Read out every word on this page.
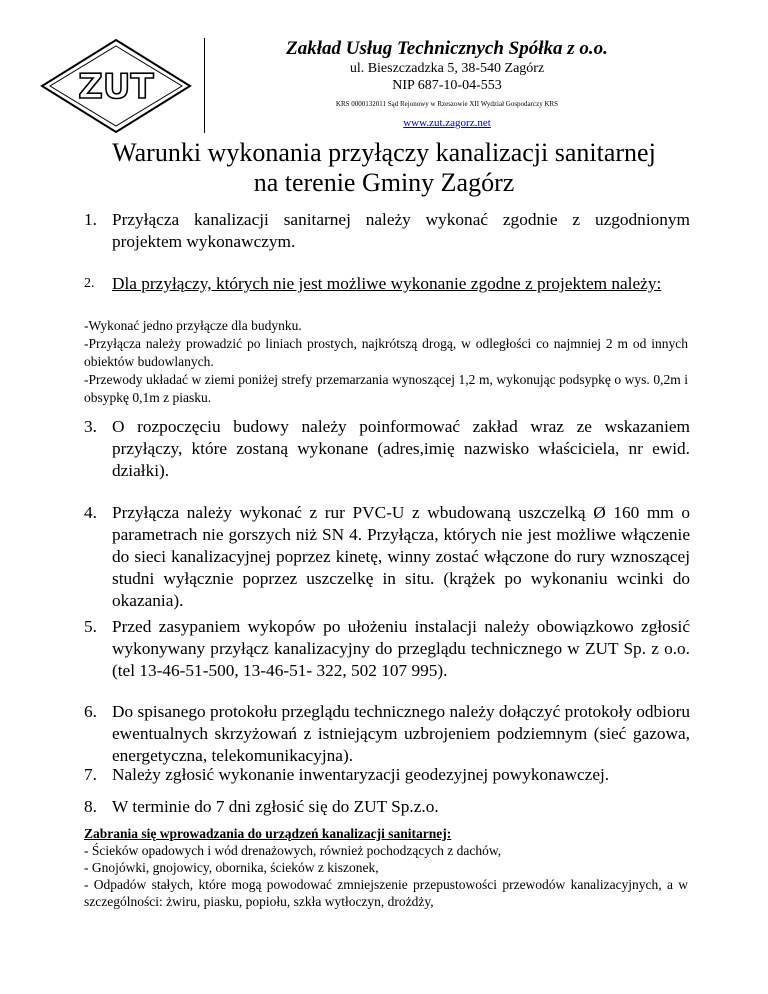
ZUT
Zakład Usług Technicznych Spółka z o.o.
ul. Bieszczadzka 5, 38-540 Zagórz
NIP 687-10-04-553
KRS 0000132011 Sąd Rejonowy w Rzeszowie XII Wydział Gospodarczy KRS
www.zut.zagorz.net
Warunki wykonania przyłączy kanalizacji sanitarnej
na terenie Gminy Zagórz
1. Przyłącza kanalizacji sanitarnej należy wykonać zgodnie z uzgodnionym projektem wykonawczym.
2. Dla przyłączy, których nie jest możliwe wykonanie zgodne z projektem należy:

-Wykonać jedno przyłącze dla budynku.

-Przyłącza należy prowadzić po liniach prostych, najkrótszą drogą, w odległości co najmniej 2 m od innych obiektów budowlanych.

-Przewody układać w ziemi poniżej strefy przemarzania wynoszącej 1,2 m, wykonując podsypkę o wys. 0,2m i obsypkę 0,1m z piasku.

3. O rozpoczęciu budowy należy poinformować zakład wraz ze wskazaniem przyłączy, które zostaną wykonane (adres,imię nazwisko właściciela, nr ewid. działki).
4. Przyłącza należy wykonać z rur PVC-U z wbudowaną uszczelką Ø 160 mm o parametrach nie gorszych niż SN 4. Przyłącza, których nie jest możliwe włączenie do sieci kanalizacyjnej poprzez kinetę, winny zostać włączone do rury wznoszącej studni wyłącznie poprzez uszczelkę in situ. (krążek po wykonaniu wcinki do okazania).
5. Przed zasypaniem wykopów po ułożeniu instalacji należy obowiązkowo zgłosić wykonywany przyłącz kanalizacyjny do przeglądu technicznego w ZUT Sp. z o.o. (tel 13-46-51-500, 13-46-51- 322, 502 107 995).
6. Do spisanego protokołu przeglądu technicznego należy dołączyć protokoły odbioru ewentualnych skrzyżowań z istniejącym uzbrojeniem podziemnym (sieć gazowa, energetyczna, telekomunikacyjna).
7. Należy zgłosić wykonanie inwentaryzacji geodezyjnej powykonawczej.
8. W terminie do 7 dni zgłosić się do ZUT Sp.z.o.

Zabrania się wprowadzania do urządzeń kanalizacji sanitarnej:

- Ścieków opadowych i wód drenażowych, również pochodzących z dachów,

- Gnojówki, gnojowicy, obornika, ścieków z kiszonek,

- Odpadów stałych, które mogą powodować zmniejszenie przepustowości przewodów kanalizacyjnych, a w szczególności: żwiru, piasku, popiołu, szkła wytłoczyn, drożdży,
